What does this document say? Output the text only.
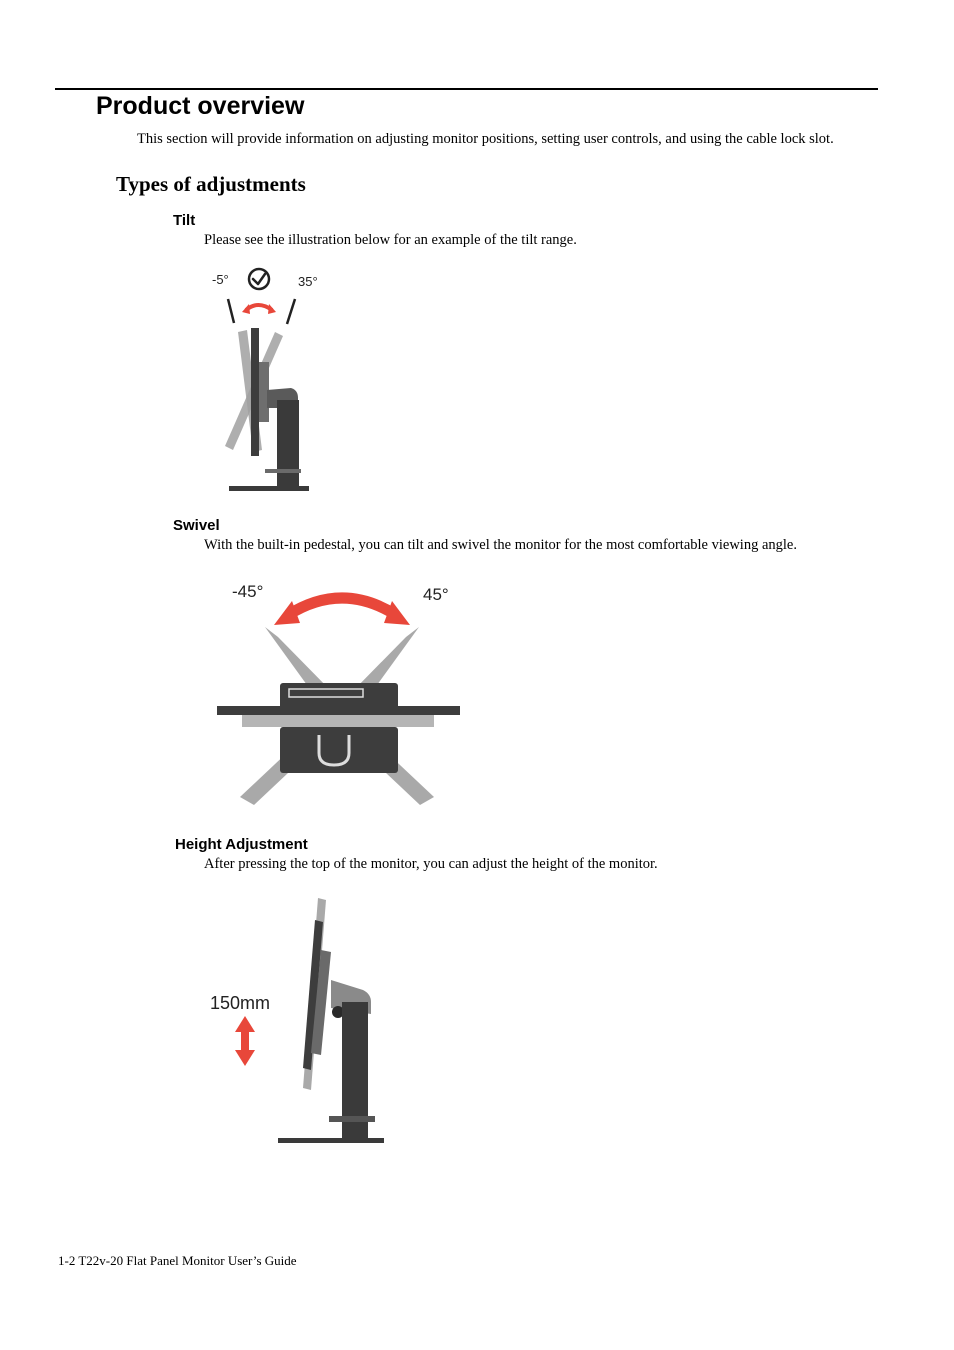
Product overview
This section will provide information on adjusting monitor positions, setting user controls, and using the cable lock slot.
Types of adjustments
Tilt
Please see the illustration below for an example of the tilt range.
-5°	35°
Swivel
With the built-in pedestal, you can tilt and swivel the monitor for the most comfortable viewing angle.
-45°	45°
Height Adjustment
After pressing the top of the monitor, you can adjust the height of the monitor.
150mm
1-2 T22v-20 Flat Panel Monitor User’s Guide
